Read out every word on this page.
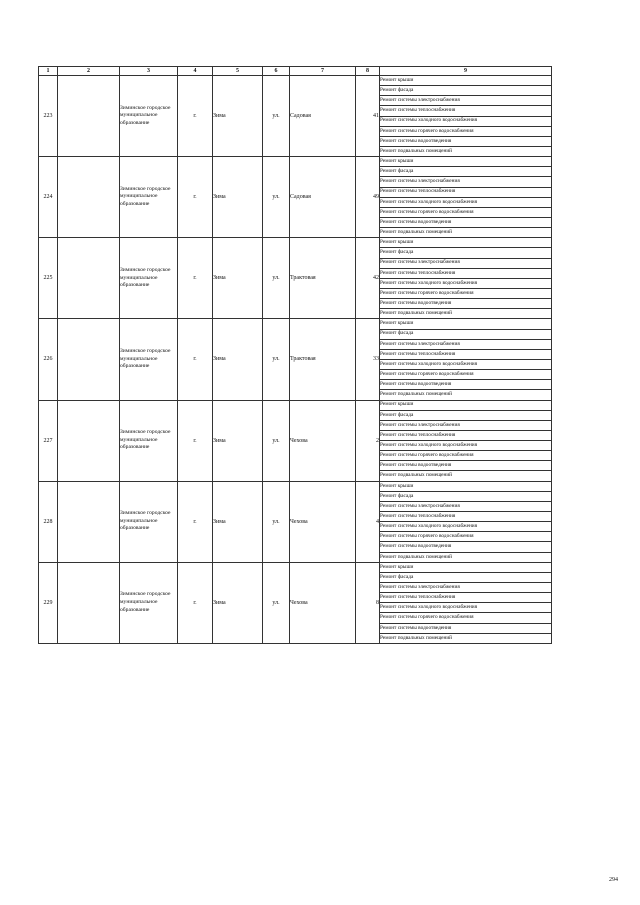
1	2	3	4	5	6	7	8	9
223		Зиминское городское муниципальное образование	г.	Зима	ул.	Садовая	41	Ремонт крыши
								Ремонт фасада
								Ремонт системы электроснабжения
								Ремонт системы теплоснабжения
								Ремонт системы холодного водоснабжения
								Ремонт системы горячего водоснабжения
								Ремонт системы водоотведения
								Ремонт подвальных помещений
224		Зиминское городское муниципальное образование	г.	Зима	ул.	Садовая	49	Ремонт крыши
								Ремонт фасада
								Ремонт системы электроснабжения
								Ремонт системы теплоснабжения
								Ремонт системы холодного водоснабжения
								Ремонт системы горячего водоснабжения
								Ремонт системы водоотведения
								Ремонт подвальных помещений
225		Зиминское городское муниципальное образование	г.	Зима	ул.	Трактовая	42	Ремонт крыши
								Ремонт фасада
								Ремонт системы электроснабжения
								Ремонт системы теплоснабжения
								Ремонт системы холодного водоснабжения
								Ремонт системы горячего водоснабжения
								Ремонт системы водоотведения
								Ремонт подвальных помещений
226		Зиминское городское муниципальное образование	г.	Зима	ул.	Трактовая	33	Ремонт крыши
								Ремонт фасада
								Ремонт системы электроснабжения
								Ремонт системы теплоснабжения
								Ремонт системы холодного водоснабжения
								Ремонт системы горячего водоснабжения
								Ремонт системы водоотведения
								Ремонт подвальных помещений
227		Зиминское городское муниципальное образование	г.	Зима	ул.	Чехова	2	Ремонт крыши
								Ремонт фасада
								Ремонт системы электроснабжения
								Ремонт системы теплоснабжения
								Ремонт системы холодного водоснабжения
								Ремонт системы горячего водоснабжения
								Ремонт системы водоотведения
								Ремонт подвальных помещений
228		Зиминское городское муниципальное образование	г.	Зима	ул.	Чехова	4	Ремонт крыши
								Ремонт фасада
								Ремонт системы электроснабжения
								Ремонт системы теплоснабжения
								Ремонт системы холодного водоснабжения
								Ремонт системы горячего водоснабжения
								Ремонт системы водоотведения
								Ремонт подвальных помещений
229		Зиминское городское муниципальное образование	г.	Зима	ул.	Чехова	8	Ремонт крыши
								Ремонт фасада
								Ремонт системы электроснабжения
								Ремонт системы теплоснабжения
								Ремонт системы холодного водоснабжения
								Ремонт системы горячего водоснабжения
								Ремонт системы водоотведения
								Ремонт подвальных помещений
294
